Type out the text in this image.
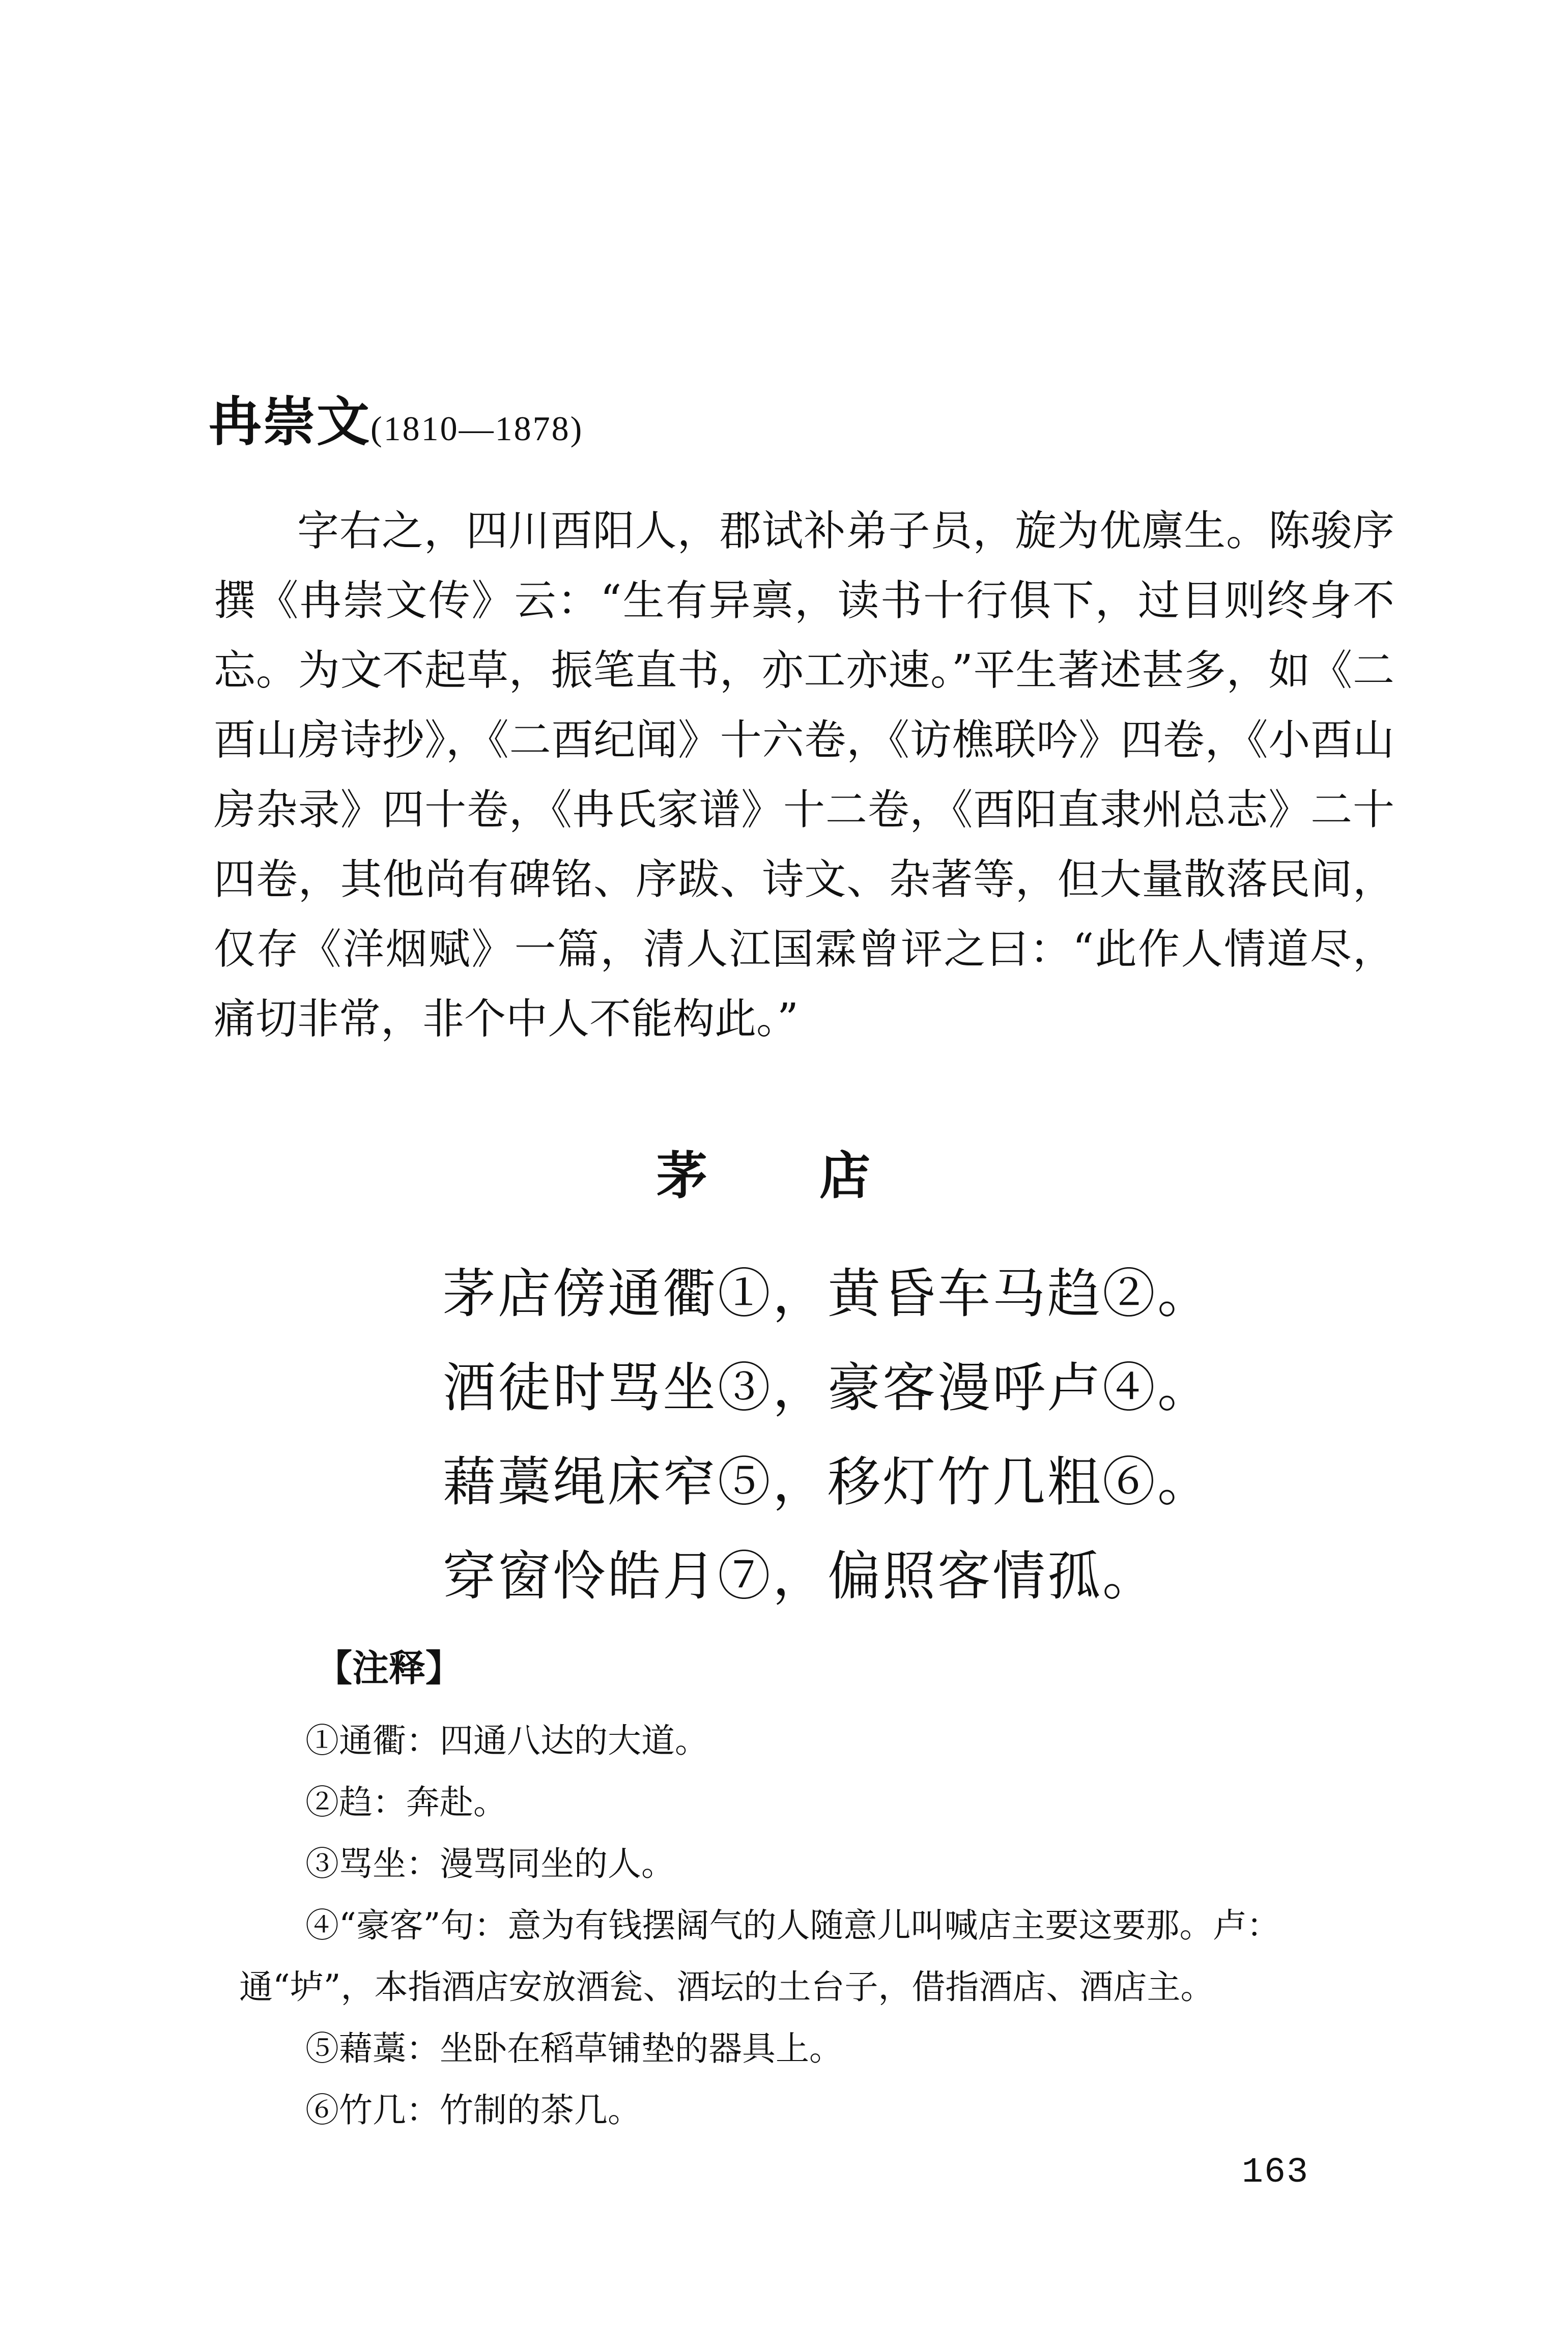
冉崇文(1810—1878)

字右之，四川酉阳人，郡试补弟子员，旋为优廪生。陈骏序撰《冉崇文传》云：“生有异禀，读书十行俱下，过目则终身不忘。为文不起草，振笔直书，亦工亦速。”平生著述甚多，如《二酉山房诗抄》，《二酉纪闻》十六卷，《访樵联吟》四卷，《小酉山房杂录》四十卷，《冉氏家谱》十二卷，《酉阳直隶州总志》二十四卷，其他尚有碑铭、序跋、诗文、杂著等，但大量散落民间，仅存《洋烟赋》一篇，清人江国霖曾评之曰：“此作人情道尽，痛切非常，非个中人不能构此。”

茅店
茅店傍通衢①，黄昏车马趋②。
酒徒时骂坐③，豪客漫呼卢④。
藉藁绳床窄⑤，移灯竹几粗⑥。
穿窗怜皓月⑦，偏照客情孤。
【注释】
①通衢：四通八达的大道。
②趋：奔赴。
③骂坐：漫骂同坐的人。
④“豪客”句：意为有钱摆阔气的人随意儿叫喊店主要这要那。卢：通“垆”，本指酒店安放酒瓮、酒坛的土台子，借指酒店、酒店主。
⑤藉藁：坐卧在稻草铺垫的器具上。
⑥竹几：竹制的茶几。
163
